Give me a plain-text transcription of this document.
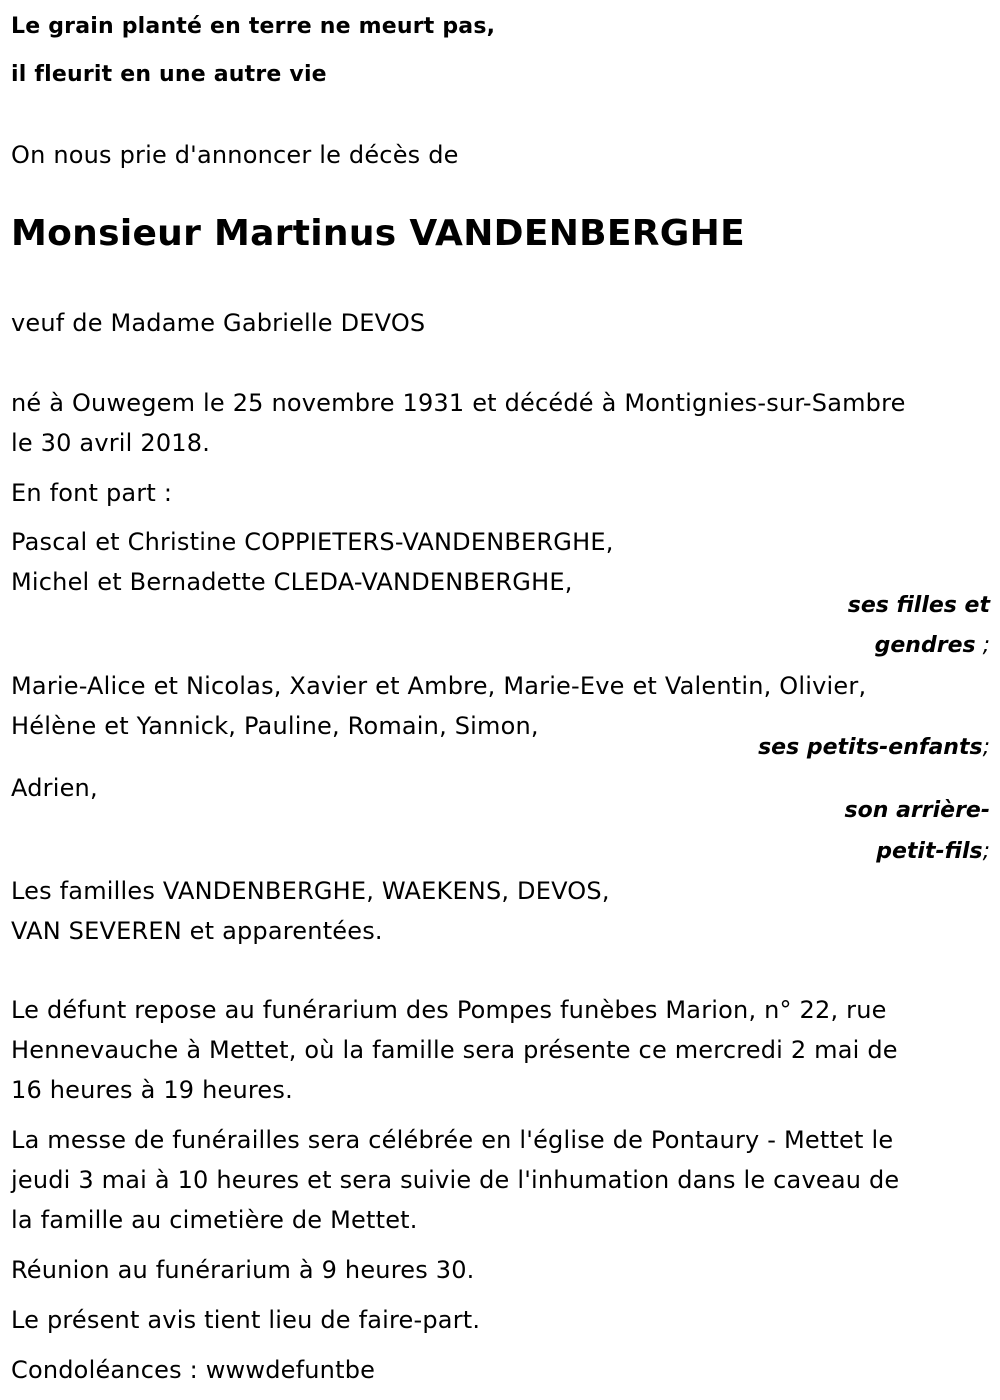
Le grain planté en terre ne meurt pas,
il fleurit en une autre vie
On nous prie d'annoncer le décès de
Monsieur Martinus VANDENBERGHE
veuf de Madame Gabrielle DEVOS
né à Ouwegem le 25 novembre 1931 et décédé à Montignies-sur-Sambre
le 30 avril 2018.
En font part :
Pascal et Christine COPPIETERS-VANDENBERGHE,
Michel et Bernadette CLEDA-VANDENBERGHE,
ses filles et
gendres ;
Marie-Alice et Nicolas, Xavier et Ambre, Marie-Eve et Valentin, Olivier,
Hélène et Yannick, Pauline, Romain, Simon,
ses petits-enfants;
Adrien,
son arrière-
petit-fils;
Les familles VANDENBERGHE, WAEKENS, DEVOS,
VAN SEVEREN et apparentées.
Le défunt repose au funérarium des Pompes funèbes Marion, n° 22, rue
Hennevauche à Mettet, où la famille sera présente ce mercredi 2 mai de
16 heures à 19 heures.
La messe de funérailles sera célébrée en l'église de Pontaury - Mettet le
jeudi 3 mai à 10 heures et sera suivie de l'inhumation dans le caveau de
la famille au cimetière de Mettet.
Réunion au funérarium à 9 heures 30.
Le présent avis tient lieu de faire-part.
Condoléances : wwwdefuntbe
